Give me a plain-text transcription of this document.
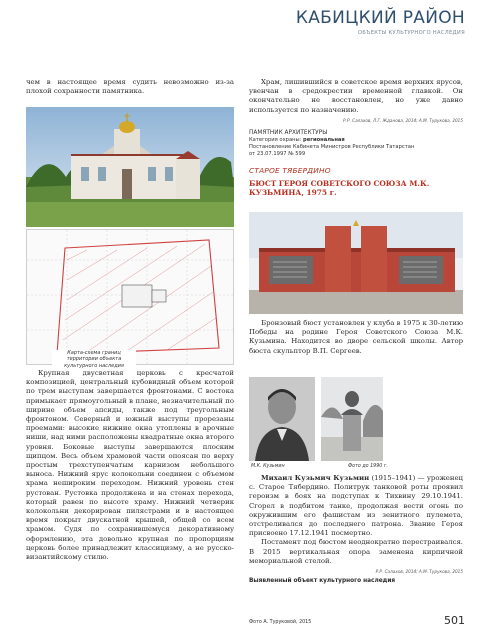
КАБИЦКИЙ РАЙОН
ОБЪЕКТЫ КУЛЬТУРНОГО НАСЛЕДИЯ

чем в настоящее время судить невозможно из-за плохой сохранности памятника.

Карта-схема границ территории объекта культурного наследия

Крупная двусветная церковь с кресчатой композицией, центральный кубовидный объем которой по трем выступам завершается фронтонами. С востока примыкает прямоугольный в плане, незначительный по ширине объем апсиды, также под треугольным фронтоном. Северный и южный выступы прорезаны проемами: высокие нижние окна утоплены в арочные ниши, над ними расположены квадратные окна второго уровня. Боковые выступы завершаются плоским щипцом. Весь объем храмовой части опоясан по верху простым трехступенчатым карнизом небольшого выноса. Нижний ярус колокольни соединен с объемом храма нешироким переходом. Нижний уровень стен рустован. Рустовка продолжена и на стенах перехода, который равен по высоте храму. Нижний четверик колокольни декорирован пилястрами и в настоящее время покрыт двускатной крышей, общей со всем храмом. Судя по сохранившемуся декоративному оформлению, эта довольно крупная по пропорциям церковь более принадлежит классицизму, а не русско-византийскому стилю.

Храм, лишившийся в советское время верхних ярусов, увенчан в средокрестии временной главкой. Он окончательно не восстановлен, но уже давно используется по назначению.

Р.Р. Салахов, Л.Г. Жданова, 2014; А.М. Турукова, 2015

ПАМЯТНИК АРХИТЕКТУРЫ
Категория охраны: региональная
Постановление Кабинета Министров Республики Татарстан
от 23.07.1997 № 599
СТАРОЕ ТЯБЕРДИНО
БЮСТ ГЕРОЯ СОВЕТСКОГО СОЮЗА М.К. КУЗЬМИНА, 1975 г.

Бронзовый бюст установлен у клуба в 1975 к 30-летию Победы на родине Героя Советского Союза М.К. Кузьмина. Находится во дворе сельской школы. Автор бюста скульптор В.П. Сергеев.

М.К. Кузьмин	Фото до 1990 г.

Михаил Кузьмич Кузьмин (1915–1941) — уроженец с. Старое Тябердино. Политрук танковой роты проявил героизм в боях на подступах к Тихвину 29.10.1941. Сгорел в подбитом танке, продолжая вести огонь по окружившим его фашистам из зенитного пулемета, отстреливался до последнего патрона. Звание Героя присвоено 17.12.1941 посмертно.

Постамент под бюстом неоднократно перестраивался. В 2015 вертикальная опора заменена кирпичной мемориальной стелой.

Р.Р. Салахов, 2014; А.М. Турукова, 2015

Выявленный объект культурного наследия
Фото А. Туруковой, 2015	501
